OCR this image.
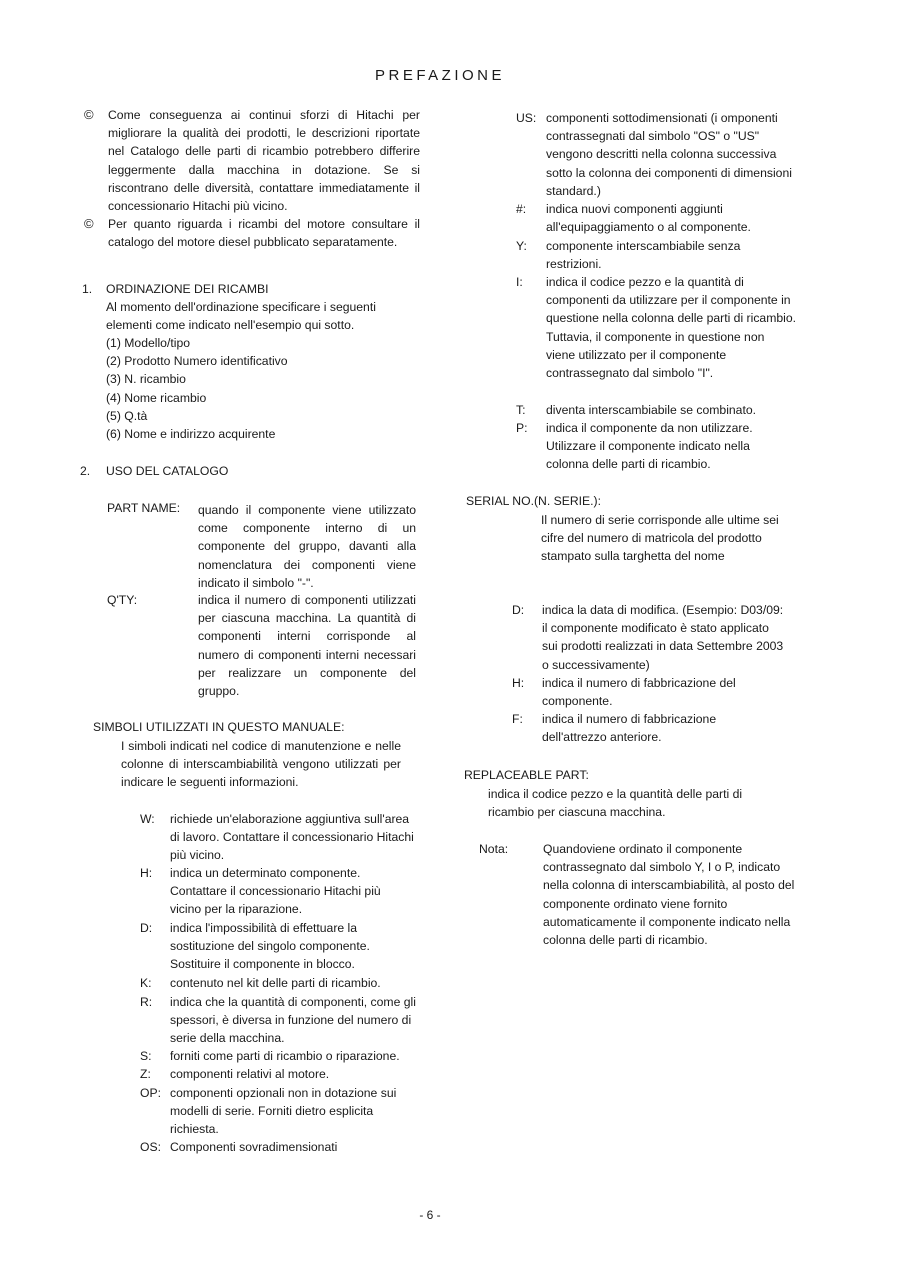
PREFAZIONE
© Come conseguenza ai continui sforzi di Hitachi per migliorare la qualità dei prodotti, le descrizioni riportate nel Catalogo delle parti di ricambio potrebbero differire leggermente dalla macchina in dotazione. Se si riscontrano delle diversità, contattare immediatamente il concessionario Hitachi più vicino.
© Per quanto riguarda i ricambi del motore consultare il catalogo del motore diesel pubblicato separatamente.
1. ORDINAZIONE DEI RICAMBI
Al momento dell'ordinazione specificare i seguenti elementi come indicato nell'esempio qui sotto.
(1) Modello/tipo
(2) Prodotto Numero identificativo
(3) N. ricambio
(4) Nome ricambio
(5) Q.tà
(6) Nome e indirizzo acquirente
2. USO DEL CATALOGO
PART NAME: quando il componente viene utilizzato come componente interno di un componente del gruppo, davanti alla nomenclatura dei componenti viene indicato il simbolo "-".
Q'TY:	indica il numero di componenti utilizzati per ciascuna macchina. La quantità di componenti interni corrisponde al numero di componenti interni necessari per realizzare un componente del gruppo.
SIMBOLI UTILIZZATI IN QUESTO MANUALE:
I simboli indicati nel codice di manutenzione e nelle colonne di interscambiabilità vengono utilizzati per indicare le seguenti informazioni.
W: richiede un'elaborazione aggiuntiva sull'area di lavoro. Contattare il concessionario Hitachi più vicino.
H: indica un determinato componente. Contattare il concessionario Hitachi più vicino per la riparazione.
D: indica l'impossibilità di effettuare la sostituzione del singolo componente. Sostituire il componente in blocco.
K: contenuto nel kit delle parti di ricambio.
R: indica che la quantità di componenti, come gli spessori, è diversa in funzione del numero di serie della macchina.
S: forniti come parti di ricambio o riparazione.
Z: componenti relativi al motore.
OP: componenti opzionali non in dotazione sui modelli di serie. Forniti dietro esplicita richiesta.
OS: Componenti sovradimensionati
US: componenti sottodimensionati (i omponenti contrassegnati dal simbolo "OS" o "US" vengono descritti nella colonna successiva sotto la colonna dei componenti di dimensioni standard.)
#: indica nuovi componenti aggiunti all'equipaggiamento o al componente.
Y: componente interscambiabile senza restrizioni.
I: indica il codice pezzo e la quantità di componenti da utilizzare per il componente in questione nella colonna delle parti di ricambio. Tuttavia, il componente in questione non viene utilizzato per il componente contrassegnato dal simbolo "I".
T: diventa interscambiabile se combinato.
P: indica il componente da non utilizzare. Utilizzare il componente indicato nella colonna delle parti di ricambio.
SERIAL NO.(N. SERIE.):
Il numero di serie corrisponde alle ultime sei cifre del numero di matricola del prodotto stampato sulla targhetta del nome
D: indica la data di modifica. (Esempio: D03/09: il componente modificato è stato applicato sui prodotti realizzati in data Settembre 2003 o successivamente)
H: indica il numero di fabbricazione del componente.
F: indica il numero di fabbricazione dell'attrezzo anteriore.
REPLACEABLE PART:
indica il codice pezzo e la quantità delle parti di ricambio per ciascuna macchina.
Nota:	Quandoviene ordinato il componente contrassegnato dal simbolo Y, I o P, indicato nella colonna di interscambiabilità, al posto del componente ordinato viene fornito automaticamente il componente indicato nella colonna delle parti di ricambio.
- 6 -
